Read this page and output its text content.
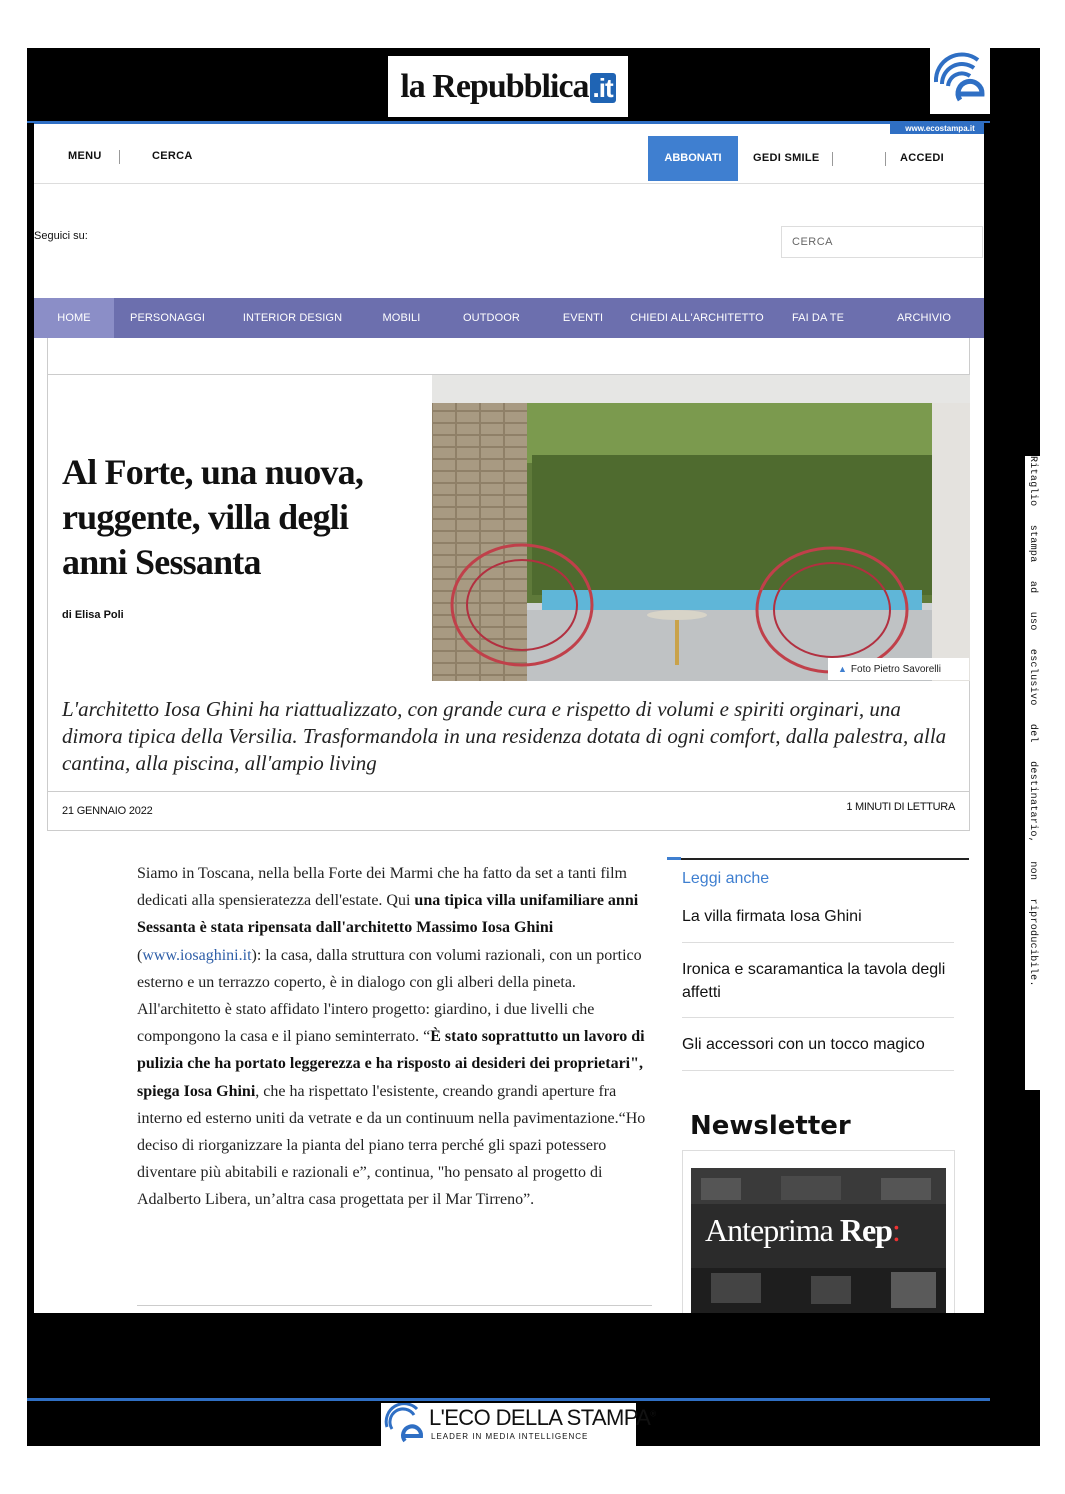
www.ecostampa.it
la Repubblica .it
Ritaglio stampa ad uso esclusivo del destinatario, non riproducibile.
MENU	CERCA	ABBONATI	GEDI SMILE	ACCEDI
Seguici su:
CERCA
HOME	PERSONAGGI	INTERIOR DESIGN	MOBILI	OUTDOOR	EVENTI	CHIEDI ALL'ARCHITETTO	FAI DA TE	ARCHIVIO
Al Forte, una nuova, ruggente, villa degli anni Sessanta
di Elisa Poli
▲ Foto Pietro Savorelli

L'architetto Iosa Ghini ha riattualizzato, con grande cura e rispetto di volumi e spiriti orginari, una dimora tipica della Versilia. Trasformandola in una residenza dotata di ogni comfort, dalla palestra, alla cantina, alla piscina, all'ampio living

21 GENNAIO 2022	1 MINUTI DI LETTURA
Siamo in Toscana, nella bella Forte dei Marmi che ha fatto da set a tanti film dedicati alla spensieratezza dell'estate. Qui una tipica villa unifamiliare anni Sessanta è stata ripensata dall'architetto Massimo Iosa Ghini (www.iosaghini.it): la casa, dalla struttura con volumi razionali, con un portico esterno e un terrazzo coperto, è in dialogo con gli alberi della pineta. All'architetto è stato affidato l'intero progetto: giardino, i due livelli che compongono la casa e il piano seminterrato. “È stato soprattutto un lavoro di pulizia che ha portato leggerezza e ha risposto ai desideri dei proprietari", spiega Iosa Ghini, che ha rispettato l'esistente, creando grandi aperture fra interno ed esterno uniti da vetrate e da un continuum nella pavimentazione.“Ho deciso di riorganizzare la pianta del piano terra perché gli spazi potessero diventare più abitabili e razionali e”, continua, "ho pensato al progetto di Adalberto Libera, un’altra casa progettata per il Mar Tirreno”.
Leggi anche
La villa firmata Iosa Ghini
Ironica e scaramantica la tavola degli affetti
Gli accessori con un tocco magico
Newsletter
Anteprima Rep:
L'ECO DELLA STAMPA®
LEADER IN MEDIA INTELLIGENCE
